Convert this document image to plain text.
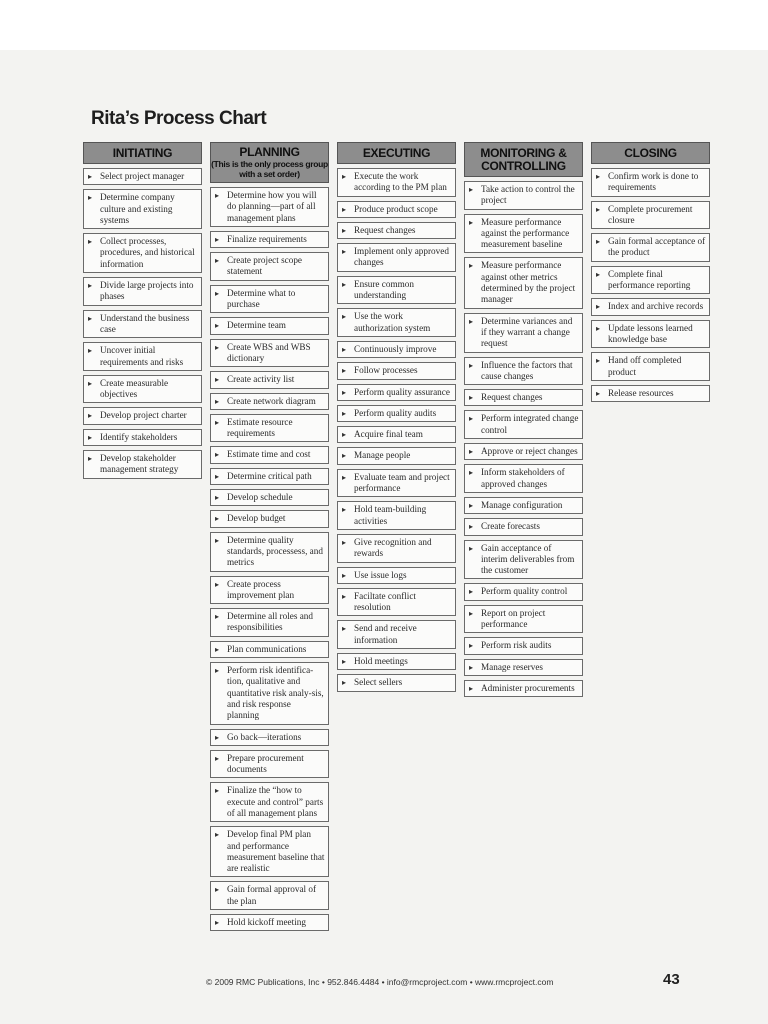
Rita’s Process Chart
INITIATING
▸ Select project manager
▸ Determine company culture and existing systems
▸ Collect processes, procedures, and historical information
▸ Divide large projects into phases
▸ Understand the business case
▸ Uncover initial requirements and risks
▸ Create measurable objectives
▸ Develop project charter
▸ Identify stakeholders
▸ Develop stakeholder management strategy
PLANNING
(This is the only process group with a set order)
▸ Determine how you will do planning—part of all management plans
▸ Finalize requirements
▸ Create project scope statement
▸ Determine what to purchase
▸ Determine team
▸ Create WBS and WBS dictionary
▸ Create activity list
▸ Create network diagram
▸ Estimate resource requirements
▸ Estimate time and cost
▸ Determine critical path
▸ Develop schedule
▸ Develop budget
▸ Determine quality standards, processess, and metrics
▸ Create process improvement plan
▸ Determine all roles and responsibilities
▸ Plan communications
▸ Perform risk identifica-tion, qualitative and quantitative risk analy-sis, and risk response planning
▸ Go back—iterations
▸ Prepare procurement documents
▸ Finalize the “how to execute and control” parts of all management plans
▸ Develop final PM plan and performance measurement baseline that are realistic
▸ Gain formal approval of the plan
▸ Hold kickoff meeting
EXECUTING
▸ Execute the work according to the PM plan
▸ Produce product scope
▸ Request changes
▸ Implement only approved changes
▸ Ensure common understanding
▸ Use the work authorization system
▸ Continuously improve
▸ Follow processes
▸ Perform quality assurance
▸ Perform quality audits
▸ Acquire final team
▸ Manage people
▸ Evaluate team and project performance
▸ Hold team-building activities
▸ Give recognition and rewards
▸ Use issue logs
▸ Faciltate conflict resolution
▸ Send and receive information
▸ Hold meetings
▸ Select sellers
MONITORING & CONTROLLING
▸ Take action to control the project
▸ Measure performance against the performance measurement baseline
▸ Measure performance against other metrics determined by the project manager
▸ Determine variances and if they warrant a change request
▸ Influence the factors that cause changes
▸ Request changes
▸ Perform integrated change control
▸ Approve or reject changes
▸ Inform stakeholders of approved changes
▸ Manage configuration
▸ Create forecasts
▸ Gain acceptance of interim deliverables from the customer
▸ Perform quality control
▸ Report on project performance
▸ Perform risk audits
▸ Manage reserves
▸ Administer procurements
CLOSING
▸ Confirm work is done to requirements
▸ Complete procurement closure
▸ Gain formal acceptance of the product
▸ Complete final performance reporting
▸ Index and archive records
▸ Update lessons learned knowledge base
▸ Hand off completed product
▸ Release resources
© 2009 RMC Publications, Inc • 952.846.4484 • info@rmcproject.com • www.rmcproject.com	43
